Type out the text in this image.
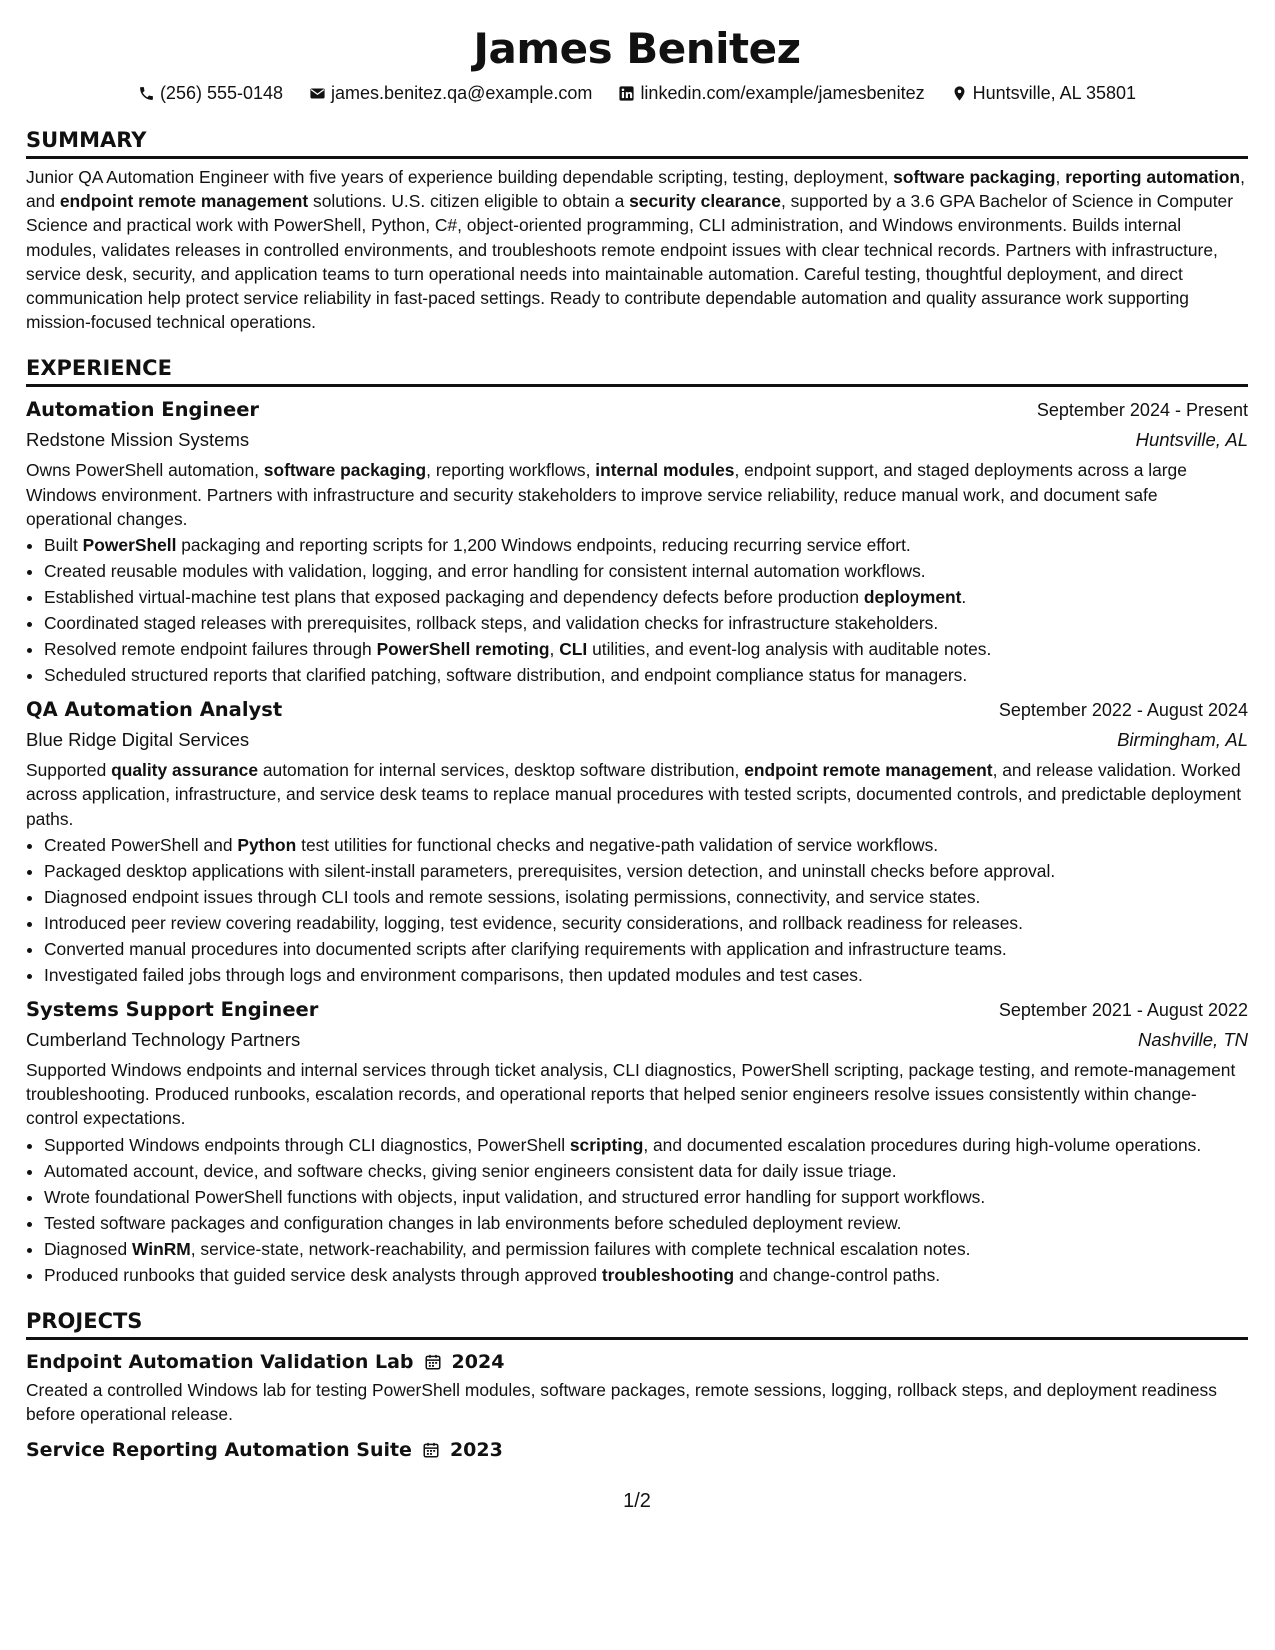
James Benitez
(256) 555-0148	james.benitez.qa@example.com	linkedin.com/example/jamesbenitez	Huntsville, AL 35801
SUMMARY

Junior QA Automation Engineer with five years of experience building dependable scripting, testing, deployment, software packaging, reporting automation, and endpoint remote management solutions. U.S. citizen eligible to obtain a security clearance, supported by a 3.6 GPA Bachelor of Science in Computer Science and practical work with PowerShell, Python, C#, object-oriented programming, CLI administration, and Windows environments. Builds internal modules, validates releases in controlled environments, and troubleshoots remote endpoint issues with clear technical records. Partners with infrastructure, service desk, security, and application teams to turn operational needs into maintainable automation. Careful testing, thoughtful deployment, and direct communication help protect service reliability in fast-paced settings. Ready to contribute dependable automation and quality assurance work supporting mission-focused technical operations.

EXPERIENCE
Automation Engineer	September 2024 - Present
Redstone Mission Systems	Huntsville, AL

Owns PowerShell automation, software packaging, reporting workflows, internal modules, endpoint support, and staged deployments across a large Windows environment. Partners with infrastructure and security stakeholders to improve service reliability, reduce manual work, and document safe operational changes.

• Built PowerShell packaging and reporting scripts for 1,200 Windows endpoints, reducing recurring service effort.
• Created reusable modules with validation, logging, and error handling for consistent internal automation workflows.
• Established virtual-machine test plans that exposed packaging and dependency defects before production deployment.
• Coordinated staged releases with prerequisites, rollback steps, and validation checks for infrastructure stakeholders.
• Resolved remote endpoint failures through PowerShell remoting, CLI utilities, and event-log analysis with auditable notes.
• Scheduled structured reports that clarified patching, software distribution, and endpoint compliance status for managers.
QA Automation Analyst	September 2022 - August 2024
Blue Ridge Digital Services	Birmingham, AL

Supported quality assurance automation for internal services, desktop software distribution, endpoint remote management, and release validation. Worked across application, infrastructure, and service desk teams to replace manual procedures with tested scripts, documented controls, and predictable deployment paths.

• Created PowerShell and Python test utilities for functional checks and negative-path validation of service workflows.
• Packaged desktop applications with silent-install parameters, prerequisites, version detection, and uninstall checks before approval.
• Diagnosed endpoint issues through CLI tools and remote sessions, isolating permissions, connectivity, and service states.
• Introduced peer review covering readability, logging, test evidence, security considerations, and rollback readiness for releases.
• Converted manual procedures into documented scripts after clarifying requirements with application and infrastructure teams.
• Investigated failed jobs through logs and environment comparisons, then updated modules and test cases.
Systems Support Engineer	September 2021 - August 2022
Cumberland Technology Partners	Nashville, TN

Supported Windows endpoints and internal services through ticket analysis, CLI diagnostics, PowerShell scripting, package testing, and remote-management troubleshooting. Produced runbooks, escalation records, and operational reports that helped senior engineers resolve issues consistently within change-control expectations.

• Supported Windows endpoints through CLI diagnostics, PowerShell scripting, and documented escalation procedures during high-volume operations.
• Automated account, device, and software checks, giving senior engineers consistent data for daily issue triage.
• Wrote foundational PowerShell functions with objects, input validation, and structured error handling for support workflows.
• Tested software packages and configuration changes in lab environments before scheduled deployment review.
• Diagnosed WinRM, service-state, network-reachability, and permission failures with complete technical escalation notes.
• Produced runbooks that guided service desk analysts through approved troubleshooting and change-control paths.
PROJECTS
Endpoint Automation Validation Lab 2024

Created a controlled Windows lab for testing PowerShell modules, software packages, remote sessions, logging, rollback steps, and deployment readiness before operational release.

Service Reporting Automation Suite 2023
1/2
